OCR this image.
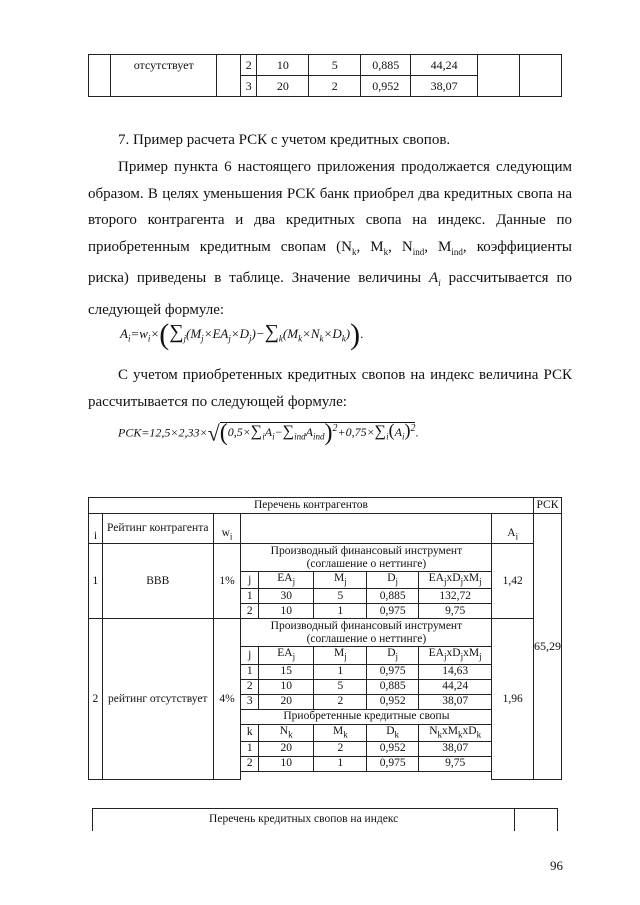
	отсутствует		2	10	5	0,885	44,24		
			3	20	2	0,952	38,07		
7. Пример расчета РСК с учетом кредитных свопов.
Пример пункта 6 настоящего приложения продолжается следующим образом. В целях уменьшения РСК банк приобрел два кредитных свопа на второго контрагента и два кредитных свопа на индекс. Данные по приобретенным кредитным свопам ($N_k$, $M_k$, $N_{ind}$, $M_{ind}$, коэффициенты риска) приведены в таблице. Значение величины $A_i$ рассчитывается по следующей формуле:
$A_i=w_i\times(\sum_j(M_j\times EA_j\times D_j)-\sum_k(M_k\times N_k\times D_k))$.
С учетом приобретенных кредитных свопов на индекс величина РСК рассчитывается по следующей формуле:
$РСК=12,5\times 2,33\times√(0,5\times\sum_iA_i-\sum_{ind}A_{ind})^2+0,75\times\sum_i(A_i)^2$.
Перечень контрагентов									РСК
i	Рейтинг контрагента	$w_i$						$A_i$	65,29
1	BBB	1%	Производный финансовый инструмент (соглашение о неттинге)					1,42	
			j	$EA_j$	$M_j$	$D_j$	$EA_jxD_jxM_j$
			1	30	5	0,885	132,72		
			2	10	1	0,975	9,75		
2	рейтинг отсутствует	4%	Производный финансовый инструмент (соглашение о неттинге)					1,96	
			j	$EA_j$	$M_j$	$D_j$	$EA_jxD_jxM_j$
			1	15	1	0,975	14,63		
			2	10	5	0,885	44,24		
			3	20	2	0,952	38,07		
			Приобретенные кредитные свопы						
			k	$N_k$	$M_k$	$D_k$	$N_kxM_kxD_k$
			1	20	2	0,952	38,07		
			2	10	1	0,975	9,75		

Перечень кредитных свопов на индекс	
96
